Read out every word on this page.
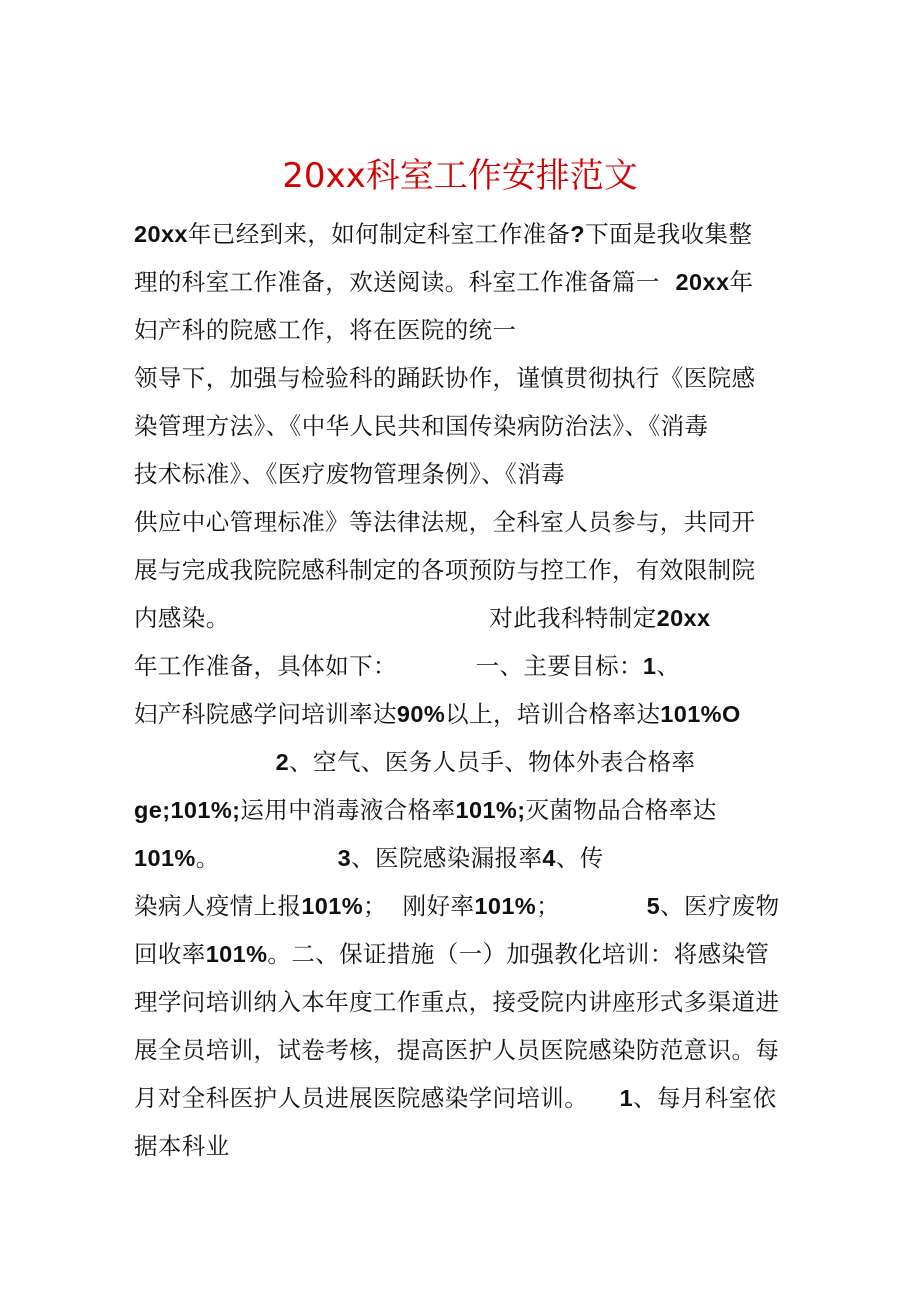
20xx科室工作安排范文
20xx年已经到来，如何制定科室工作准备?下面是我收集整
理的科室工作准备，欢送阅读。科室工作准备篇一  20xx年
妇产科的院感工作，将在医院的统一
领导下，加强与检验科的踊跃协作，谨慎贯彻执行《医院感
染管理方法》、《中华人民共和国传染病防治法》、《消毒
技术标准》、《医疗废物管理条例》、《消毒
供应中心管理标准》等法律法规，全科室人员参与，共同开
展与完成我院院感科制定的各项预防与控工作，有效限制院
内感染。                                 对此我科特制定20xx
年工作准备，具体如下：          一、主要目标：1、
妇产科院感学问培训率达90%以上，培训合格率达101%O
2、空气、医务人员手、物体外表合格率
ge;101%;运用中消毒液合格率101%;灭菌物品合格率达
101%。               3、医院感染漏报率4、传
染病人疫情上报101%；  刚好率101%；           5、医疗废物
回收率101%。二、保证措施（一）加强教化培训：将感染管
理学问培训纳入本年度工作重点，接受院内讲座形式多渠道进
展全员培训，试卷考核，提高医护人员医院感染防范意识。每
月对全科医护人员进展医院感染学问培训。    1、每月科室依
据本科业
